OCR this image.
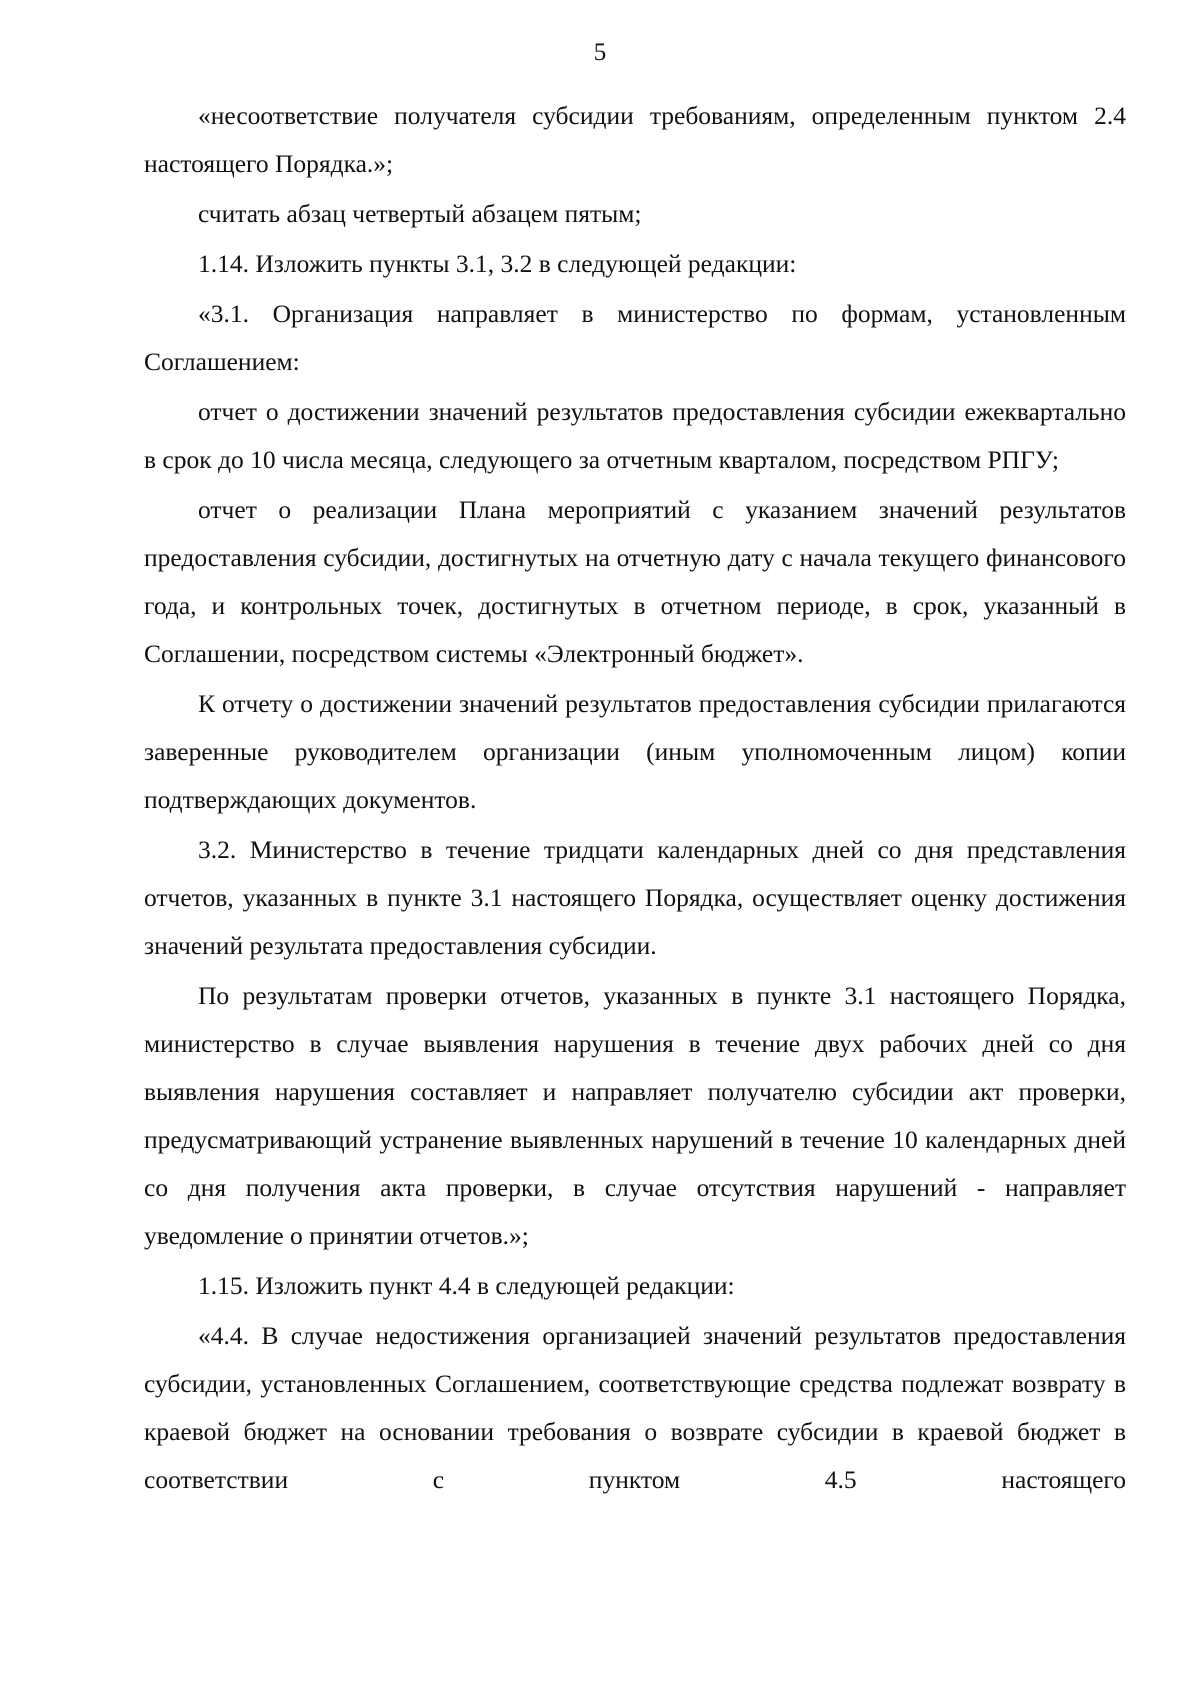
5

«несоответствие получателя субсидии требованиям, определенным пунктом 2.4 настоящего Порядка.»;

считать абзац четвертый абзацем пятым;

1.14. Изложить пункты 3.1, 3.2 в следующей редакции:

«3.1. Организация направляет в министерство по формам, установленным Соглашением:

отчет о достижении значений результатов предоставления субсидии ежеквартально в срок до 10 числа месяца, следующего за отчетным кварталом, посредством РПГУ;

отчет о реализации Плана мероприятий с указанием значений результатов предоставления субсидии, достигнутых на отчетную дату с начала текущего финансового года, и контрольных точек, достигнутых в отчетном периоде, в срок, указанный в Соглашении, посредством системы «Электронный бюджет».

К отчету о достижении значений результатов предоставления субсидии прилагаются заверенные руководителем организации (иным уполномоченным лицом) копии подтверждающих документов.

3.2. Министерство в течение тридцати календарных дней со дня представления отчетов, указанных в пункте 3.1 настоящего Порядка, осуществляет оценку достижения значений результата предоставления субсидии.

По результатам проверки отчетов, указанных в пункте 3.1 настоящего Порядка, министерство в случае выявления нарушения в течение двух рабочих дней со дня выявления нарушения составляет и направляет получателю субсидии акт проверки, предусматривающий устранение выявленных нарушений в течение 10 календарных дней со дня получения акта проверки, в случае отсутствия нарушений - направляет уведомление о принятии отчетов.»;

1.15. Изложить пункт 4.4 в следующей редакции:

«4.4. В случае недостижения организацией значений результатов предоставления субсидии, установленных Соглашением, соответствующие средства подлежат возврату в краевой бюджет на основании требования о возврате субсидии в краевой бюджет в соответствии с пунктом 4.5 настоящего
